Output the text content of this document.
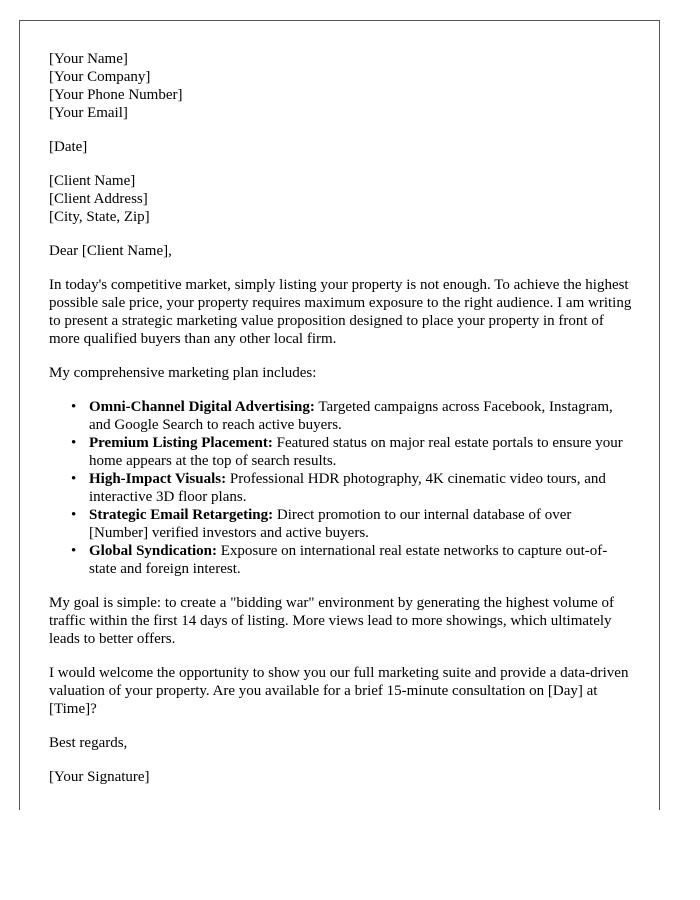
[Your Name]

[Your Company]

[Your Phone Number]

[Your Email]

[Date]

[Client Name]

[Client Address]

[City, State, Zip]

Dear [Client Name],

In today's competitive market, simply listing your property is not enough. To achieve the highest possible sale price, your property requires maximum exposure to the right audience. I am writing to present a strategic marketing value proposition designed to place your property in front of more qualified buyers than any other local firm.

My comprehensive marketing plan includes:

• Omni-Channel Digital Advertising: Targeted campaigns across Facebook, Instagram, and Google Search to reach active buyers.
• Premium Listing Placement: Featured status on major real estate portals to ensure your home appears at the top of search results.
• High-Impact Visuals: Professional HDR photography, 4K cinematic video tours, and interactive 3D floor plans.
• Strategic Email Retargeting: Direct promotion to our internal database of over [Number] verified investors and active buyers.
• Global Syndication: Exposure on international real estate networks to capture out-of-state and foreign interest.

My goal is simple: to create a "bidding war" environment by generating the highest volume of traffic within the first 14 days of listing. More views lead to more showings, which ultimately leads to better offers.

I would welcome the opportunity to show you our full marketing suite and provide a data-driven valuation of your property. Are you available for a brief 15-minute consultation on [Day] at [Time]?

Best regards,

[Your Signature]
